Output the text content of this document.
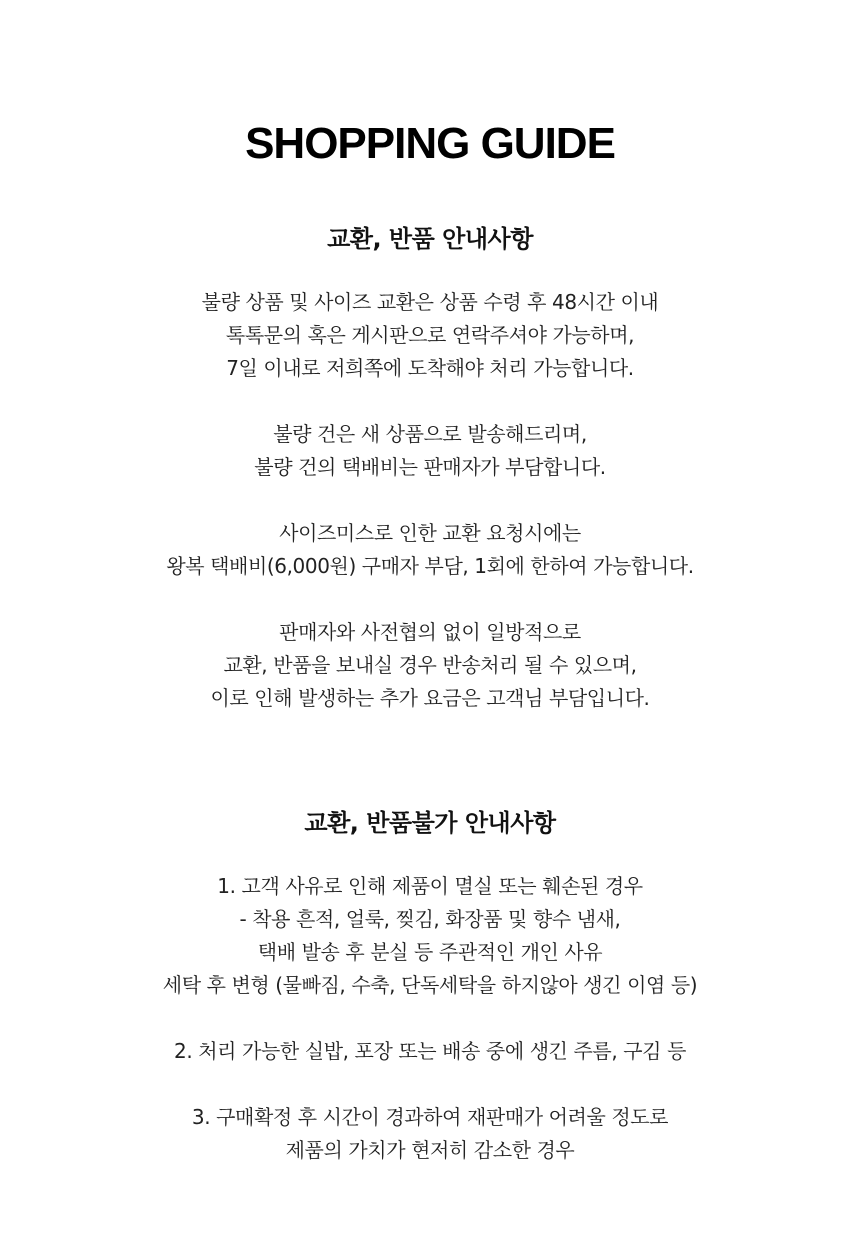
SHOPPING GUIDE
교환, 반품 안내사항
불량 상품 및 사이즈 교환은 상품 수령 후 48시간 이내
톡톡문의 혹은 게시판으로 연락주셔야 가능하며,
7일 이내로 저희쪽에 도착해야 처리 가능합니다.
불량 건은 새 상품으로 발송해드리며,
불량 건의 택배비는 판매자가 부담합니다.
사이즈미스로 인한 교환 요청시에는
왕복 택배비(6,000원) 구매자 부담, 1회에 한하여 가능합니다.
판매자와 사전협의 없이 일방적으로
교환, 반품을 보내실 경우 반송처리 될 수 있으며,
이로 인해 발생하는 추가 요금은 고객님 부담입니다.
교환, 반품불가 안내사항
1. 고객 사유로 인해 제품이 멸실 또는 훼손된 경우
- 착용 흔적, 얼룩, 찢김, 화장품 및 향수 냄새,
택배 발송 후 분실 등 주관적인 개인 사유
세탁 후 변형 (물빠짐, 수축, 단독세탁을 하지않아 생긴 이염 등)
2. 처리 가능한 실밥, 포장 또는 배송 중에 생긴 주름, 구김 등
3. 구매확정 후 시간이 경과하여 재판매가 어려울 정도로
제품의 가치가 현저히 감소한 경우
